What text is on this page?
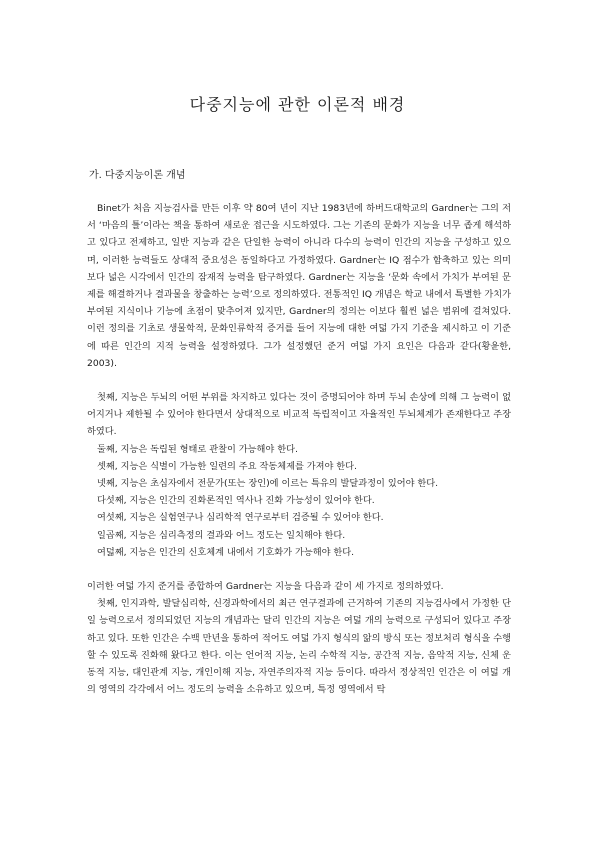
다중지능에 관한 이론적 배경
가. 다중지능이론 개념

Binet가 처음 지능검사를 만든 이후 약 80여 년이 지난 1983년에 하버드대학교의 Gardner는 그의 저서 ‘마음의 틀’이라는 책을 통하여 새로운 접근을 시도하였다. 그는 기존의 문화가 지능을 너무 좁게 해석하고 있다고 전제하고, 일반 지능과 같은 단일한 능력이 아니라 다수의 능력이 인간의 지능을 구성하고 있으며, 이러한 능력들도 상대적 중요성은 동일하다고 가정하였다. Gardner는 IQ 점수가 함축하고 있는 의미보다 넓은 시각에서 인간의 잠재적 능력을 탐구하였다. Gardner는 지능을 ‘문화 속에서 가치가 부여된 문제를 해결하거나 결과물을 창출하는 능력’으로 정의하였다. 전통적인 IQ 개념은 학교 내에서 특별한 가치가 부여된 지식이나 기능에 초점이 맞추어져 있지만, Gardner의 정의는 이보다 훨씬 넓은 범위에 걸쳐있다. 이런 정의를 기초로 생물학적, 문화인류학적 증거를 들어 지능에 대한 여덟 가지 기준을 제시하고 이 기준에 따른 인간의 지적 능력을 설정하였다. 그가 설정했던 준거 여덟 가지 요인은 다음과 같다(황윤한, 2003).

첫째, 지능은 두뇌의 어떤 부위를 차지하고 있다는 것이 증명되어야 하며 두뇌 손상에 의해 그 능력이 없어지거나 제한될 수 있어야 한다면서 상대적으로 비교적 독립적이고 자율적인 두뇌체계가 존재한다고 주장하였다.

둘째, 지능은 독립된 형태로 관찰이 가능해야 한다.
셋째, 지능은 식별이 가능한 일련의 주요 작동체제를 가져야 한다.
넷째, 지능은 초심자에서 전문가(또는 장인)에 이르는 특유의 발달과정이 있어야 한다.
다섯째, 지능은 인간의 진화론적인 역사나 진화 가능성이 있어야 한다.
여섯째, 지능은 실험연구나 심리학적 연구로부터 검증될 수 있어야 한다.
일곱째, 지능은 심리측정의 결과와 어느 정도는 일치해야 한다.
여덟째, 지능은 인간의 신호체계 내에서 기호화가 가능해야 한다.

이러한 여덟 가지 준거를 종합하여 Gardner는 지능을 다음과 같이 세 가지로 정의하였다.

첫째, 인지과학, 발달심리학, 신경과학에서의 최근 연구결과에 근거하여 기존의 지능검사에서 가정한 단일 능력으로서 정의되었던 지능의 개념과는 달리 인간의 지능은 여덟 개의 능력으로 구성되어 있다고 주장하고 있다. 또한 인간은 수백 만년을 통하여 적어도 여덟 가지 형식의 앎의 방식 또는 정보처리 형식을 수행할 수 있도록 진화해 왔다고 한다. 이는 언어적 지능, 논리 수학적 지능, 공간적 지능, 음악적 지능, 신체 운동적 지능, 대인관계 지능, 개인이해 지능, 자연주의자적 지능 등이다. 따라서 정상적인 인간은 이 여덟 개의 영역의 각각에서 어느 정도의 능력을 소유하고 있으며, 특정 영역에서 탁
